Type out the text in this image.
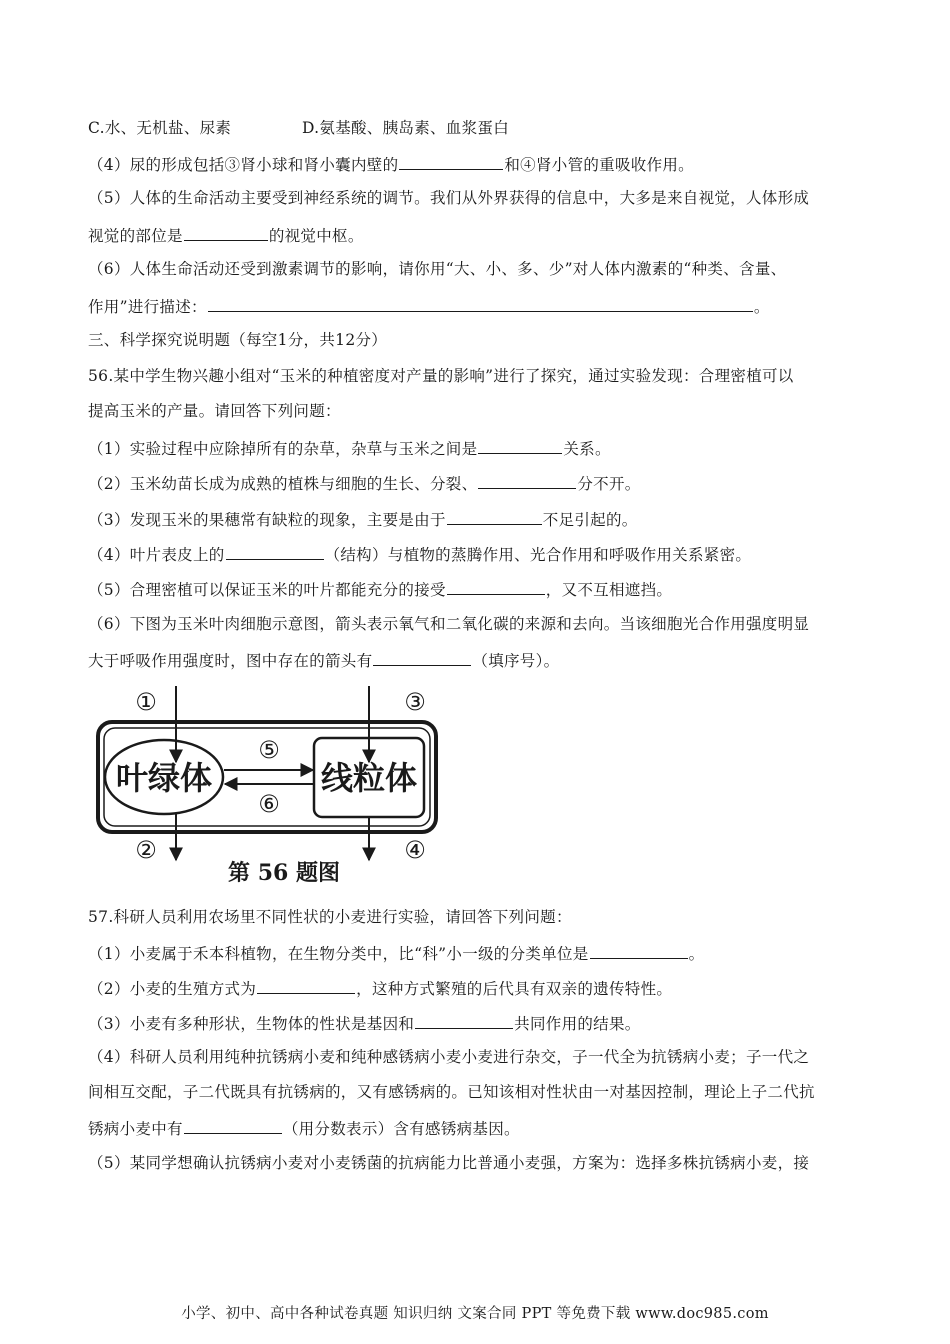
C.水、无机盐、尿素	D.氨基酸、胰岛素、血浆蛋白
（4）尿的形成包括③肾小球和肾小囊内壁的	和④肾小管的重吸收作用。
（5）人体的生命活动主要受到神经系统的调节。我们从外界获得的信息中，大多是来自视觉，人体形成
视觉的部位是	的视觉中枢。
（6）人体生命活动还受到激素调节的影响，请你用“大、小、多、少”对人体内激素的“种类、含量、
作用”进行描述：	。
三、科学探究说明题（每空1分，共12分）
56.某中学生物兴趣小组对“玉米的种植密度对产量的影响”进行了探究，通过实验发现：合理密植可以
提高玉米的产量。请回答下列问题：
（1）实验过程中应除掉所有的杂草，杂草与玉米之间是	关系。
（2）玉米幼苗长成为成熟的植株与细胞的生长、分裂、	分不开。
（3）发现玉米的果穗常有缺粒的现象，主要是由于	不足引起的。
（4）叶片表皮上的	（结构）与植物的蒸腾作用、光合作用和呼吸作用关系紧密。
（5）合理密植可以保证玉米的叶片都能充分的接受	，又不互相遮挡。
（6）下图为玉米叶肉细胞示意图，箭头表示氧气和二氧化碳的来源和去向。当该细胞光合作用强度明显
大于呼吸作用强度时，图中存在的箭头有	（填序号）。
57.科研人员利用农场里不同性状的小麦进行实验，请回答下列问题：
（1）小麦属于禾本科植物，在生物分类中，比“科”小一级的分类单位是	。
（2）小麦的生殖方式为	，这种方式繁殖的后代具有双亲的遗传特性。
（3）小麦有多种形状，生物体的性状是基因和	共同作用的结果。
（4）科研人员利用纯种抗锈病小麦和纯种感锈病小麦小麦进行杂交，子一代全为抗锈病小麦；子一代之
间相互交配，子二代既具有抗锈病的，又有感锈病的。已知该相对性状由一对基因控制，理论上子二代抗
锈病小麦中有	（用分数表示）含有感锈病基因。
（5）某同学想确认抗锈病小麦对小麦锈菌的抗病能力比普通小麦强，方案为：选择多株抗锈病小麦，接
叶绿体	线粒体
⑤
⑥
①
②
③
④
第 56 题图
小学、初中、高中各种试卷真题 知识归纳 文案合同 PPT 等免费下载 www.doc985.com
